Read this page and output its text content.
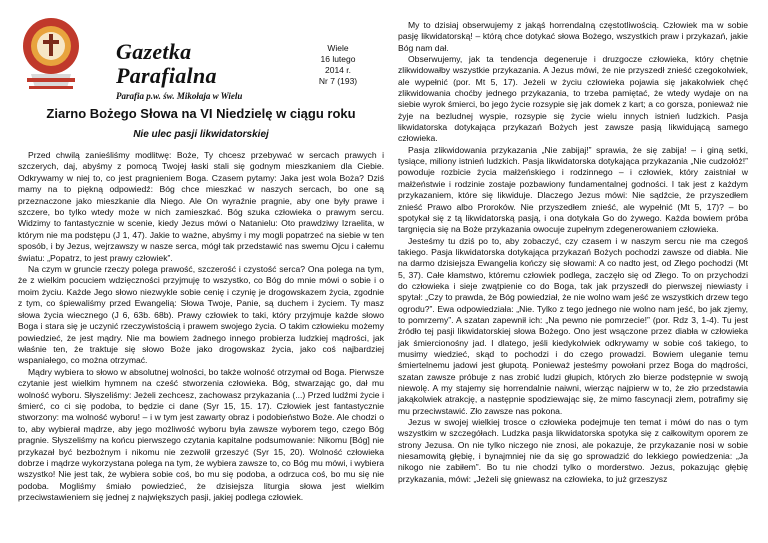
Gazetka Parafialna
Parafia p.w. św. Mikołaja w Wielu
Wiele
16 lutego
2014 r.
Nr 7 (193)
Ziarno Bożego Słowa na VI Niedzielę w ciągu roku
Nie ulec pasji likwidatorskiej

Przed chwilą zanieśliśmy modlitwę: Boże, Ty chcesz przebywać w sercach prawych i szczerych, daj, abyśmy z pomocą Twojej łaski stali się godnym mieszkaniem dla Ciebie. Odkrywamy w niej to, co jest pragnieniem Boga. Czasem pytamy: Jaka jest wola Boża? Dziś mamy na to piękną odpowiedź: Bóg chce mieszkać w naszych sercach, bo one są przeznaczone jako mieszkanie dla Niego. Ale On wyraźnie pragnie, aby one były prawe i szczere, bo tylko wtedy może w nich zamieszkać. Bóg szuka człowieka o prawym sercu. Widzimy to fantastycznie w scenie, kiedy Jezus mówi o Natanielu: Oto prawdziwy Izraelita, w którym nie ma podstępu (J 1, 47). Jakie to ważne, abyśmy i my mogli popatrzeć na siebie w ten sposób, i by Jezus, wejrzawszy w nasze serca, mógł tak przedstawić nas swemu Ojcu i całemu światu: „Popatrz, to jest prawy człowiek”.

Na czym w gruncie rzeczy polega prawość, szczerość i czystość serca? Ona polega na tym, że z wielkim pocuciem wdzięczności przyjmuję to wszystko, co Bóg do mnie mówi o sobie i o moim życiu. Każde Jego słowo niezwykle sobie cenię i czynię je drogowskazem życia, zgodnie z tym, co śpiewaliśmy przed Ewangelią: Słowa Twoje, Panie, są duchem i życiem. Ty masz słowa życia wiecznego (J 6, 63b. 68b). Prawy człowiek to taki, który przyjmuje każde słowo Boga i stara się je uczynić rzeczywistością i prawem swojego życia. O takim człowieku możemy powiedzieć, że jest mądry. Nie ma bowiem żadnego innego probierza ludzkiej mądrości, jak właśnie ten, że traktuje się słowo Boże jako drogowskaz życia, jako coś najbardziej wspaniałego, co można otrzymać.

Mądry wybiera to słowo w absolutnej wolności, bo także wolność otrzymał od Boga. Pierwsze czytanie jest wielkim hymnem na cześć stworzenia człowieka. Bóg, stwarzając go, dał mu wolność wyboru. Słyszeliśmy: Jeżeli zechcesz, zachowasz przykazania (...) Przed ludźmi życie i śmierć, co ci się podoba, to będzie ci dane (Syr 15, 15. 17). Człowiek jest fantastycznie stworzony: ma wolność wyboru! – i w tym jest zawarty obraz i podobieństwo Boże. Ale chodzi o to, aby wybierał mądrze, aby jego możliwość wyboru była zawsze wyborem tego, czego Bóg pragnie. Słyszeliśmy na końcu pierwszego czytania kapitalne podsumowanie: Nikomu [Bóg] nie przykazał być bezbożnym i nikomu nie zezwolił grzeszyć (Syr 15, 20). Wolność człowieka dobrze i mądrze wykorzystana polega na tym, że wybiera zawsze to, co Bóg mu mówi, i wybiera wszystko! Nie jest tak, że wybiera sobie coś, bo mu się podoba, a odrzuca coś, bo mu się nie podoba. Mogliśmy śmiało powiedzieć, że dzisiejsza liturgia słowa jest wielkim przeciwstawieniem się jednej z największych pasji, jakiej podlega człowiek.

My to dzisiaj obserwujemy z jakąś horrendalną częstotliwością. Człowiek ma w sobie pasję likwidatorską! – którą chce dotykać słowa Bożego, wszystkich praw i przykazań, jakie Bóg nam dał.

Obserwujemy, jak ta tendencja degeneruje i druzgocze człowieka, który chętnie zlikwidowałby wszystkie przykazania. A Jezus mówi, że nie przyszedł znieść czegokolwiek, ale wypełnić (por. Mt 5, 17). Jeżeli w życiu człowieka pojawia się jakakolwiek chęć zlikwidowania choćby jednego przykazania, to trzeba pamiętać, że wtedy wydaje on na siebie wyrok śmierci, bo jego życie rozsypie się jak domek z kart; a co gorsza, ponieważ nie żyje na bezludnej wyspie, rozsypie się życie wielu innych istnień ludzkich. Pasja likwidatorska dotykająca przykazań Bożych jest zawsze pasją likwidującą samego człowieka.

Pasja zlikwidowania przykazania „Nie zabijaj!” sprawia, że się zabija! – i giną setki, tysiące, miliony istnień ludzkich. Pasja likwidatorska dotykająca przykazania „Nie cudzołóż!” powoduje rozbicie życia małżeńskiego i rodzinnego – i człowiek, który zaistniał w małżeństwie i rodzinie zostaje pozbawiony fundamentalnej godności. I tak jest z każdym przykazaniem, które się likwiduje. Dlaczego Jezus mówi: Nie sądźcie, że przyszedłem znieść Prawo albo Proroków. Nie przyszedłem znieść, ale wypełnić (Mt 5, 17)? – bo spotykał się z tą likwidatorską pasją, i ona dotykała Go do żywego. Każda bowiem próba targnięcia się na Boże przykazania owocuje zupełnym zdegenerowaniem człowieka.

Jesteśmy tu dziś po to, aby zobaczyć, czy czasem i w naszym sercu nie ma czegoś takiego. Pasja likwidatorska dotykająca przykazań Bożych pochodzi zawsze od diabła. Nie na darmo dzisiejsza Ewangelia kończy się słowami: A co nadto jest, od Złego pochodzi (Mt 5, 37). Całe kłamstwo, któremu człowiek podlega, zaczęło się od Złego. To on przychodzi do człowieka i sieje zwątpienie co do Boga, tak jak przyszedł do pierwszej niewiasty i spytał: „Czy to prawda, że Bóg powiedział, że nie wolno wam jeść ze wszystkich drzew tego ogrodu?”. Ewa odpowiedziała: „Nie. Tylko z tego jednego nie wolno nam jeść, bo jak zjemy, to pomrzemy”. A szatan zapewnił ich: „Na pewno nie pomrzecie!” (por. Rdz 3, 1-4). Tu jest źródło tej pasji likwidatorskiej słowa Bożego. Ono jest wsączone przez diabła w człowieka jak śmiercionośny jad. I dlatego, jeśli kiedykolwiek odkrywamy w sobie coś takiego, to musimy wiedzieć, skąd to pochodzi i do czego prowadzi. Bowiem uleganie temu śmiertelnemu jadowi jest głupotą. Ponieważ jesteśmy powołani przez Boga do mądrości, szatan zawsze próbuje z nas zrobić ludzi głupich, których zło bierze podstępnie w swoją niewolę. A my stajemy się horrendalnie naiwni, wierząc najpierw w to, że zło przedstawia jakąkolwiek atrakcję, a następnie spodziewając się, że mimo fascynacji złem, potrafimy się mu przeciwstawić. Zło zawsze nas pokona.

Jezus w swojej wielkiej trosce o człowieka podejmuje ten temat i mówi do nas o tym wszystkim w szczegółach. Ludzka pasja likwidatorska spotyka się z całkowitym oporem ze strony Jezusa. On nie tylko niczego nie znosi, ale pokazuje, że przykazanie nosi w sobie niesamowitą głębię, i bynajmniej nie da się go sprowadzić do lekkiego powiedzenia: „Ja nikogo nie zabiłem”. Bo tu nie chodzi tylko o morderstwo. Jezus, pokazując głębię przykazania, mówi: „Jeżeli się gniewasz na człowieka, to już grzeszysz
